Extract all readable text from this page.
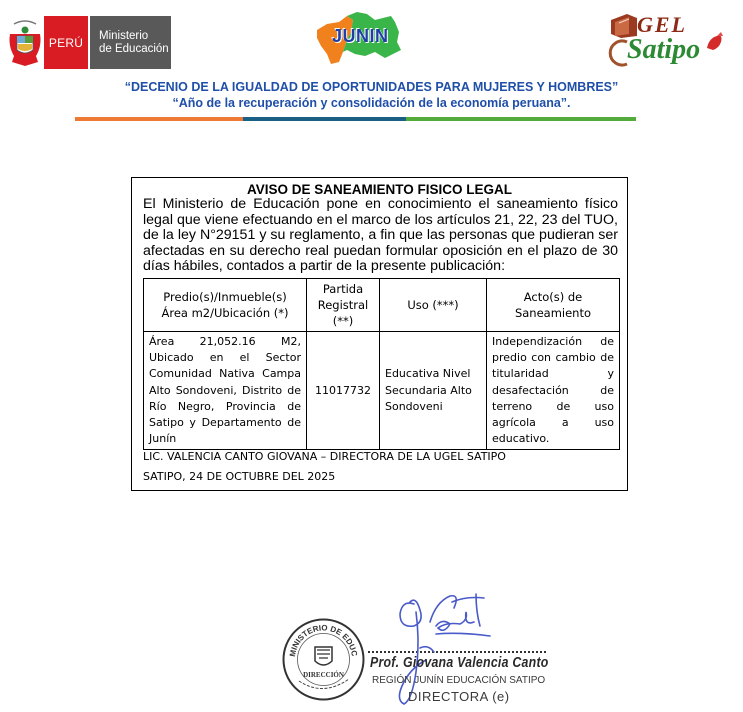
PERÚ	Ministerio
de Educación
JUNIN	GEL
Satipo
“DECENIO DE LA IGUALDAD DE OPORTUNIDADES PARA MUJERES Y HOMBRES”
“Año de la recuperación y consolidación de la economía peruana”.
AVISO DE SANEAMIENTO FISICO LEGAL
El Ministerio de Educación pone en conocimiento el saneamiento físico legal que viene efectuando en el marco de los artículos 21, 22, 23 del TUO, de la ley N°29151 y su reglamento, a fin que las personas que pudieran ser afectadas en su derecho real puedan formular oposición en el plazo de 30 días hábiles, contados a partir de la presente publicación:
Predio(s)/Inmueble(s) Área m2/Ubicación (*)	Partida Registral (**)	Uso (***)	Acto(s) de Saneamiento
Área 21,052.16 M2, Ubicado en el Sector Comunidad Nativa Campa Alto Sondoveni, Distrito de Río Negro, Provincia de Satipo y Departamento de Junín	11017732	Educativa Nivel Secundaria Alto Sondoveni	Independización de predio con cambio de titularidad y desafectación de terreno de uso agrícola a uso educativo.
LIC. VALENCIA CANTO GIOVANA – DIRECTORA DE LA UGEL SATIPO
SATIPO, 24 DE OCTUBRE DEL 2025
MINISTERIO DE EDUC
DIRECCIÓN
Prof. Giovana Valencia Canto
REGIÓN JUNÍN EDUCACIÓN SATIPO
DIRECTORA (e)
